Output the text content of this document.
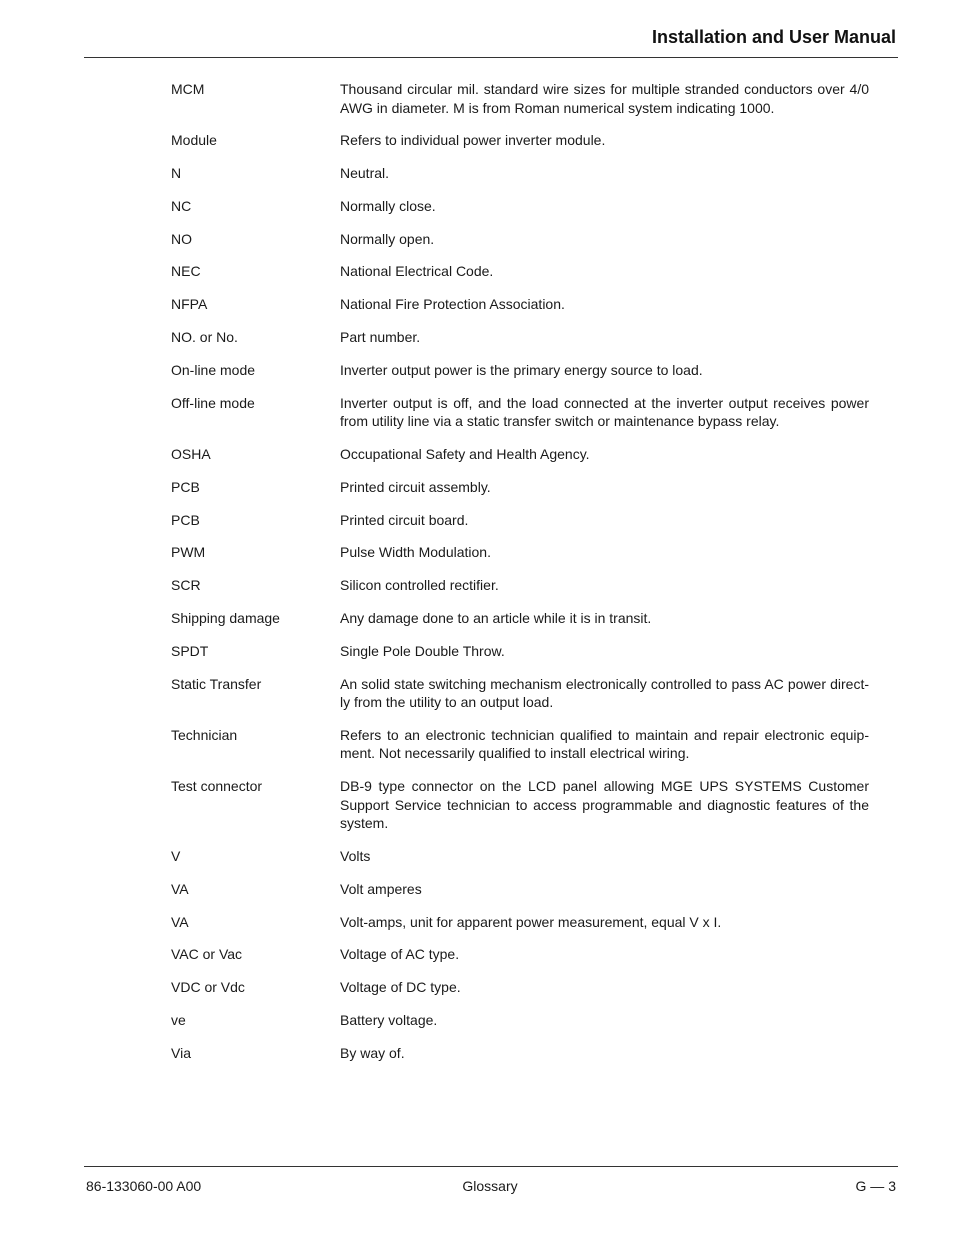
Installation and User Manual
MCM	Thousand circular mil. standard wire sizes for multiple stranded conductors over 4/0 AWG in diameter. M is from Roman numerical system indicating 1000.
Module	Refers to individual power inverter module.
N	Neutral.
NC	Normally close.
NO	Normally open.
NEC	National Electrical Code.
NFPA	National Fire Protection Association.
NO. or No.	Part number.
On-line mode	Inverter output power is the primary energy source to load.
Off-line mode	Inverter output is off, and the load connected at the inverter output receives power from utility line via a static transfer switch or maintenance bypass relay.
OSHA	Occupational Safety and Health Agency.
PCB	Printed circuit assembly.
PCB	Printed circuit board.
PWM	Pulse Width Modulation.
SCR	Silicon controlled rectifier.
Shipping damage	Any damage done to an article while it is in transit.
SPDT	Single Pole Double Throw.
Static Transfer	An solid state switching mechanism electronically controlled to pass AC power direct-ly from the utility to an output load.
Technician	Refers to an electronic technician qualified to maintain and repair electronic equip-ment. Not necessarily qualified to install electrical wiring.
Test connector	DB-9 type connector on the LCD panel allowing MGE UPS SYSTEMS Customer Support Service technician to access programmable and diagnostic features of the system.
V	Volts
VA	Volt amperes
VA	Volt-amps, unit for apparent power measurement, equal V x I.
VAC or Vac	Voltage of AC type.
VDC or Vdc	Voltage of DC type.
ve	Battery voltage.
Via	By way of.
86-133060-00 A00	Glossary	G — 3
